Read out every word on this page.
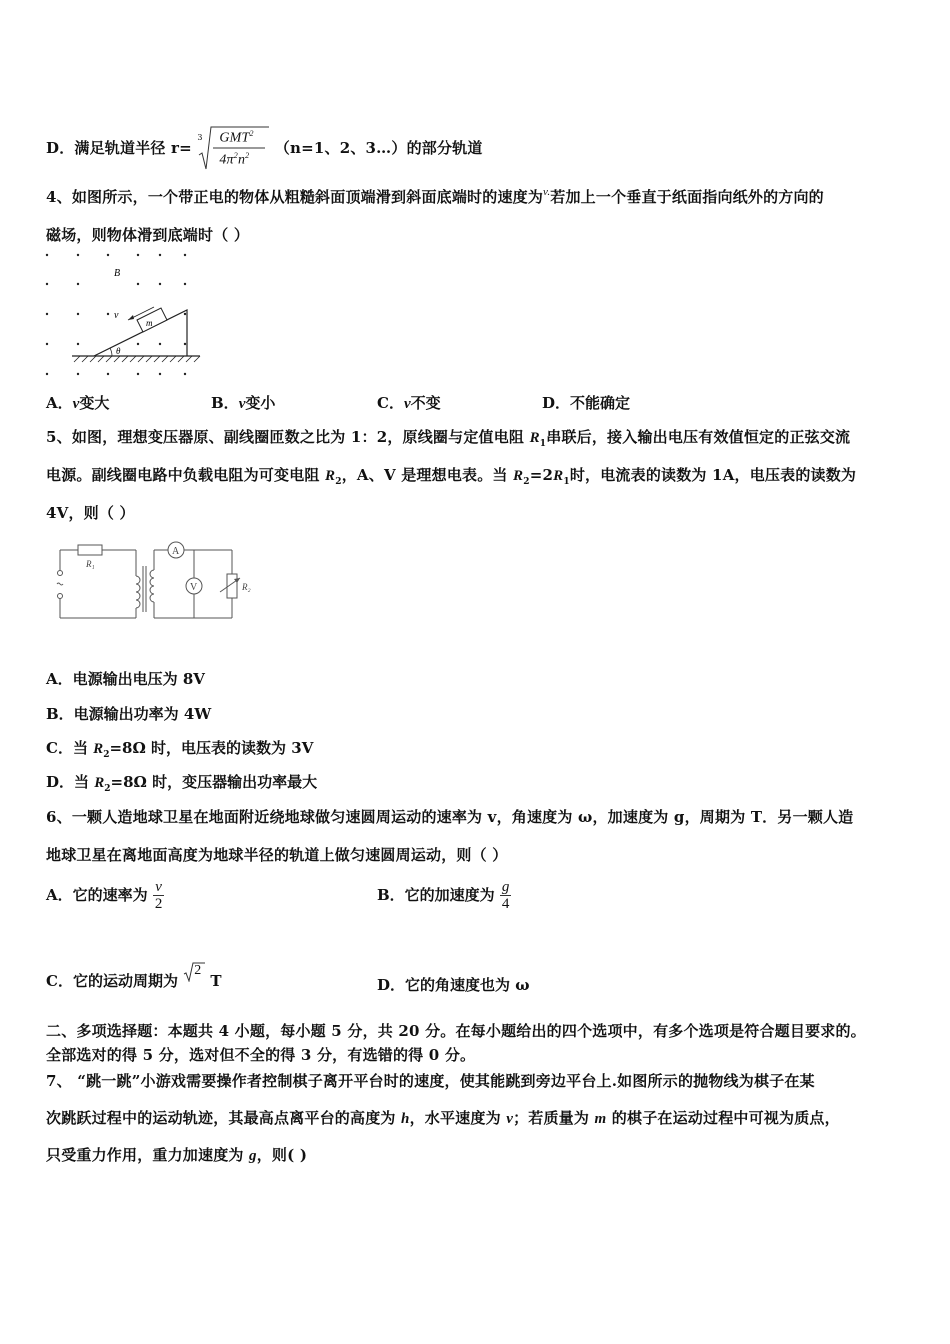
D．满足轨道半径 r=
3 GMT$^2$
$4\pi^2n^2$ （n=1、2、3…）的部分轨道
4、如图所示，一个带正电的物体从粗糙斜面顶端滑到斜面底端时的速度为$^{v.}$若加上一个垂直于纸面指向纸外的方向的
磁场，则物体滑到底端时（ ）
B
v
m
θ
A．v变大	B．v变小	C．v不变	D．不能确定
5、如图，理想变压器原、副线圈匝数之比为 1：2，原线圈与定值电阻 $R_1$串联后，接入输出电压有效值恒定的正弦交流
电源。副线圈电路中负载电阻为可变电阻 $R_2$，A、V 是理想电表。当 $R_2=2R_1$时，电流表的读数为 1A，电压表的读数为
4V，则（ ）
R₁
A
V	R₂
A．电源输出电压为 8V
B．电源输出功率为 4W
C．当 $R_2=8\Omega$ 时，电压表的读数为 3V
D．当 $R_2=8\Omega$ 时，变压器输出功率最大
6、一颗人造地球卫星在地面附近绕地球做匀速圆周运动的速率为 v，角速度为 ω，加速度为 g，周期为 T．另一颗人造
地球卫星在离地面高度为地球半径的轨道上做匀速圆周运动，则（ ）
A．它的速率为 $\frac{v}{2}$	B．它的加速度为 $\frac{g}{4}$
C．它的运动周期为
2
T	D．它的角速度也为 ω
二、多项选择题：本题共 4 小题，每小题 5 分，共 20 分。在每小题给出的四个选项中，有多个选项是符合题目要求的。
全部选对的得 5 分，选对但不全的得 3 分，有选错的得 0 分。
7、 “跳一跳”小游戏需要操作者控制棋子离开平台时的速度，使其能跳到旁边平台上.如图所示的抛物线为棋子在某
次跳跃过程中的运动轨迹，其最高点离平台的高度为 h，水平速度为 v；若质量为 m 的棋子在运动过程中可视为质点，
只受重力作用，重力加速度为 g，则( )
